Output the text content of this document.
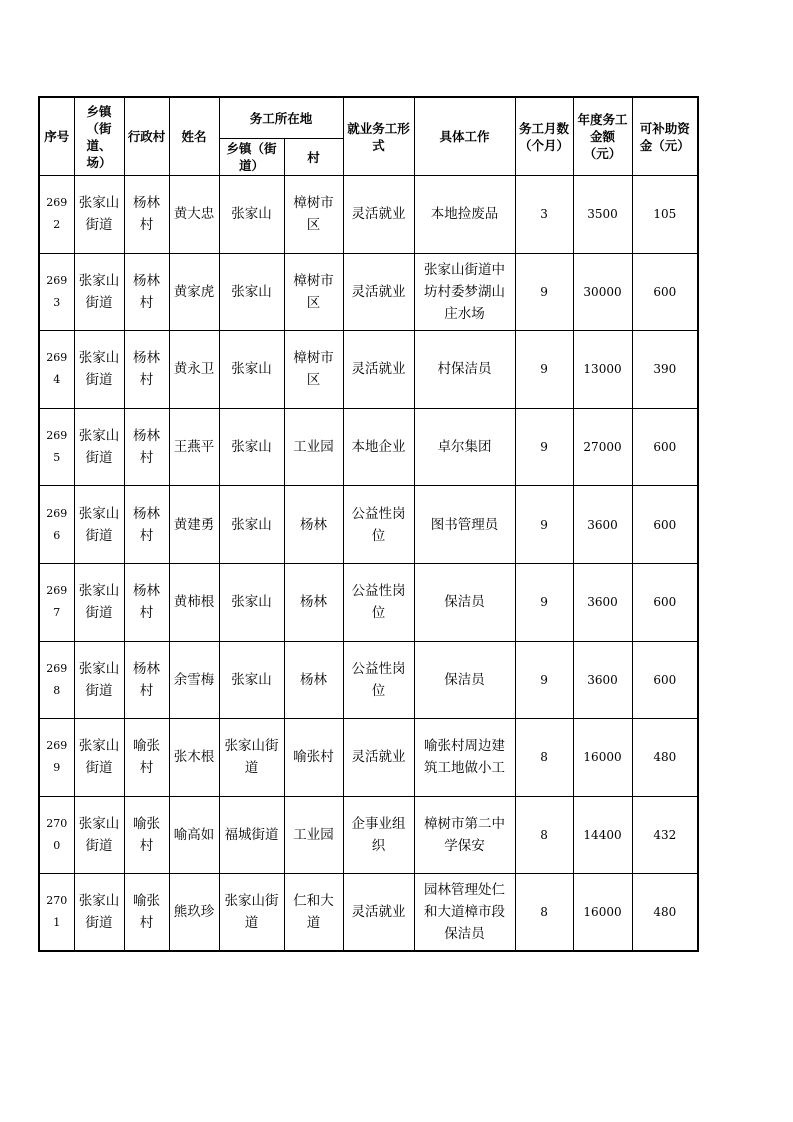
序号	乡镇（街道、场）	行政村	姓名	务工所在地		就业务工形式	具体工作	务工月数（个月）	年度务工金额（元）	可补助资金（元）
				乡镇（街道）	村					
2692	张家山街道	杨林村	黄大忠	张家山	樟树市区	灵活就业	本地捡废品	3	3500	105
2693	张家山街道	杨林村	黄家虎	张家山	樟树市区	灵活就业	张家山街道中坊村委梦湖山庄水场	9	30000	600
2694	张家山街道	杨林村	黄永卫	张家山	樟树市区	灵活就业	村保洁员	9	13000	390
2695	张家山街道	杨林村	王燕平	张家山	工业园	本地企业	卓尔集团	9	27000	600
2696	张家山街道	杨林村	黄建勇	张家山	杨林	公益性岗位	图书管理员	9	3600	600
2697	张家山街道	杨林村	黄柿根	张家山	杨林	公益性岗位	保洁员	9	3600	600
2698	张家山街道	杨林村	余雪梅	张家山	杨林	公益性岗位	保洁员	9	3600	600
2699	张家山街道	喻张村	张木根	张家山街道	喻张村	灵活就业	喻张村周边建筑工地做小工	8	16000	480
2700	张家山街道	喻张村	喻高如	福城街道	工业园	企事业组织	樟树市第二中学保安	8	14400	432
2701	张家山街道	喻张村	熊玖珍	张家山街道	仁和大道	灵活就业	园林管理处仁和大道樟市段保洁员	8	16000	480
